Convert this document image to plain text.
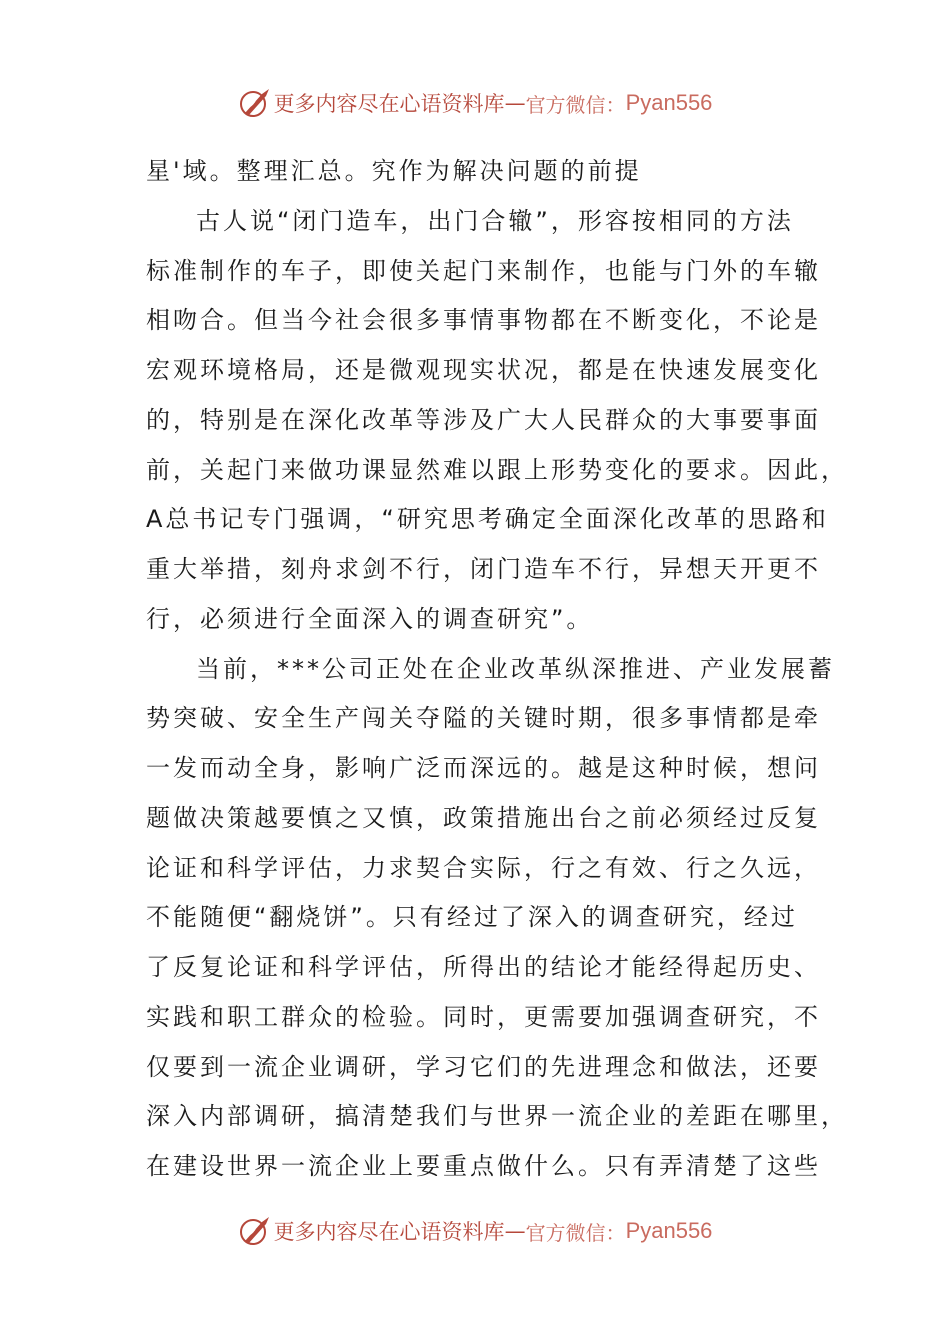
更多内容尽在心语资料库 — 官方微信： Pyan556
星'域。整理汇总。究作为解决问题的前提
古人说“闭门造车，出门合辙”，形容按相同的方法
标准制作的车子，即使关起门来制作，也能与门外的车辙
相吻合。但当今社会很多事情事物都在不断变化，不论是
宏观环境格局，还是微观现实状况，都是在快速发展变化
的，特别是在深化改革等涉及广大人民群众的大事要事面
前，关起门来做功课显然难以跟上形势变化的要求。因此，
A总书记专门强调，“研究思考确定全面深化改革的思路和
重大举措，刻舟求剑不行，闭门造车不行，异想天开更不
行，必须进行全面深入的调查研究”。
当前，***公司正处在企业改革纵深推进、产业发展蓄
势突破、安全生产闯关夺隘的关键时期，很多事情都是牵
一发而动全身，影响广泛而深远的。越是这种时候，想问
题做决策越要慎之又慎，政策措施出台之前必须经过反复
论证和科学评估，力求契合实际，行之有效、行之久远，
不能随便“翻烧饼”。只有经过了深入的调查研究，经过
了反复论证和科学评估，所得出的结论才能经得起历史、
实践和职工群众的检验。同时，更需要加强调查研究，不
仅要到一流企业调研，学习它们的先进理念和做法，还要
深入内部调研，搞清楚我们与世界一流企业的差距在哪里，
在建设世界一流企业上要重点做什么。只有弄清楚了这些
更多内容尽在心语资料库 — 官方微信： Pyan556
